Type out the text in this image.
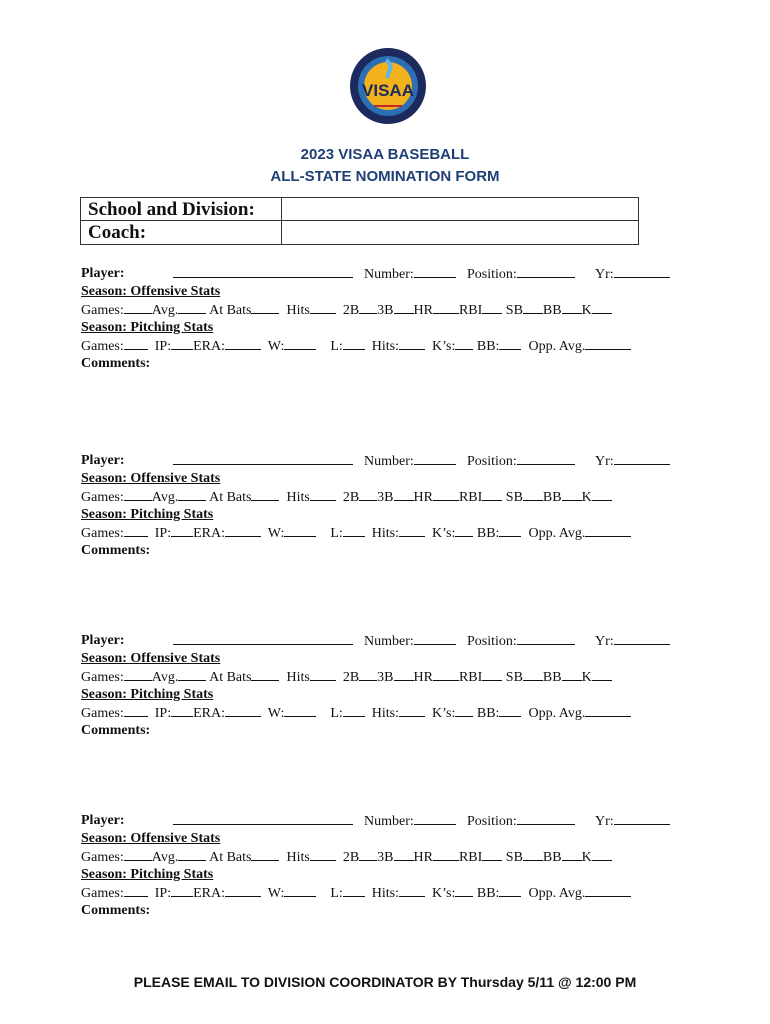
VISAA
2023 VISAA BASEBALL
ALL-STATE NOMINATION FORM
School and Division:
Coach:
Player:	Number:	Position:	Yr:
Season: Offensive Stats
Games: Avg. At Bats	Hits 2B 3B HR RBI SB BB K
Season: Pitching Stats
Games: IP: ERA:	W:	L: Hits: K’s: BB: Opp. Avg.
Comments:
Player:	Number:	Position:	Yr:
Season: Offensive Stats
Games: Avg. At Bats	Hits 2B 3B HR RBI SB BB K
Season: Pitching Stats
Games: IP: ERA:	W:	L: Hits: K’s: BB: Opp. Avg.
Comments:
Player:	Number:	Position:	Yr:
Season: Offensive Stats
Games: Avg. At Bats	Hits 2B 3B HR RBI SB BB K
Season: Pitching Stats
Games: IP: ERA:	W:	L: Hits: K’s: BB: Opp. Avg.
Comments:
Player:	Number:	Position:	Yr:
Season: Offensive Stats
Games: Avg. At Bats	Hits 2B 3B HR RBI SB BB K
Season: Pitching Stats
Games: IP: ERA:	W:	L: Hits: K’s: BB: Opp. Avg.
Comments:
PLEASE EMAIL TO DIVISION COORDINATOR BY Thursday 5/11 @ 12:00 PM
